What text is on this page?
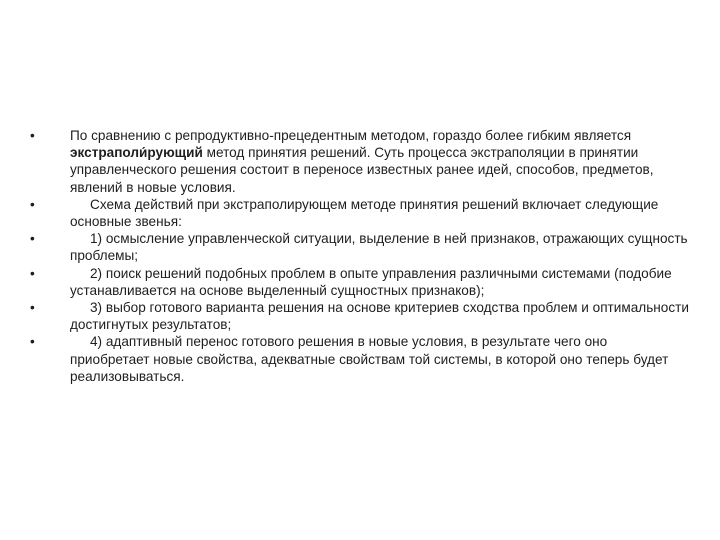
•	По сравнению с репродуктивно-прецедентным методом, гораздо более гибким является экстраполи́рующий метод принятия решений. Суть процесса экстраполяции в принятии управленческого решения состоит в переносе известных ранее идей, способов, предметов, явлений в новые условия.
•	Схема действий при экстраполирующем методе принятия решений включает следующие основные звенья:
•	1) осмысление управленческой ситуации, выделение в ней признаков, отражающих сущность проблемы;
•	2) поиск решений подобных проблем в опыте управления различными системами (подобие устанавливается на основе выделенный сущностных признаков);
•	3) выбор готового варианта решения на основе критериев сходства проблем и оптимальности достигнутых результатов;
•	4) адаптивный перенос готового решения в новые условия, в результате чего оно приобретает новые свойства, адекватные свойствам той системы, в которой оно теперь будет реализовываться.
